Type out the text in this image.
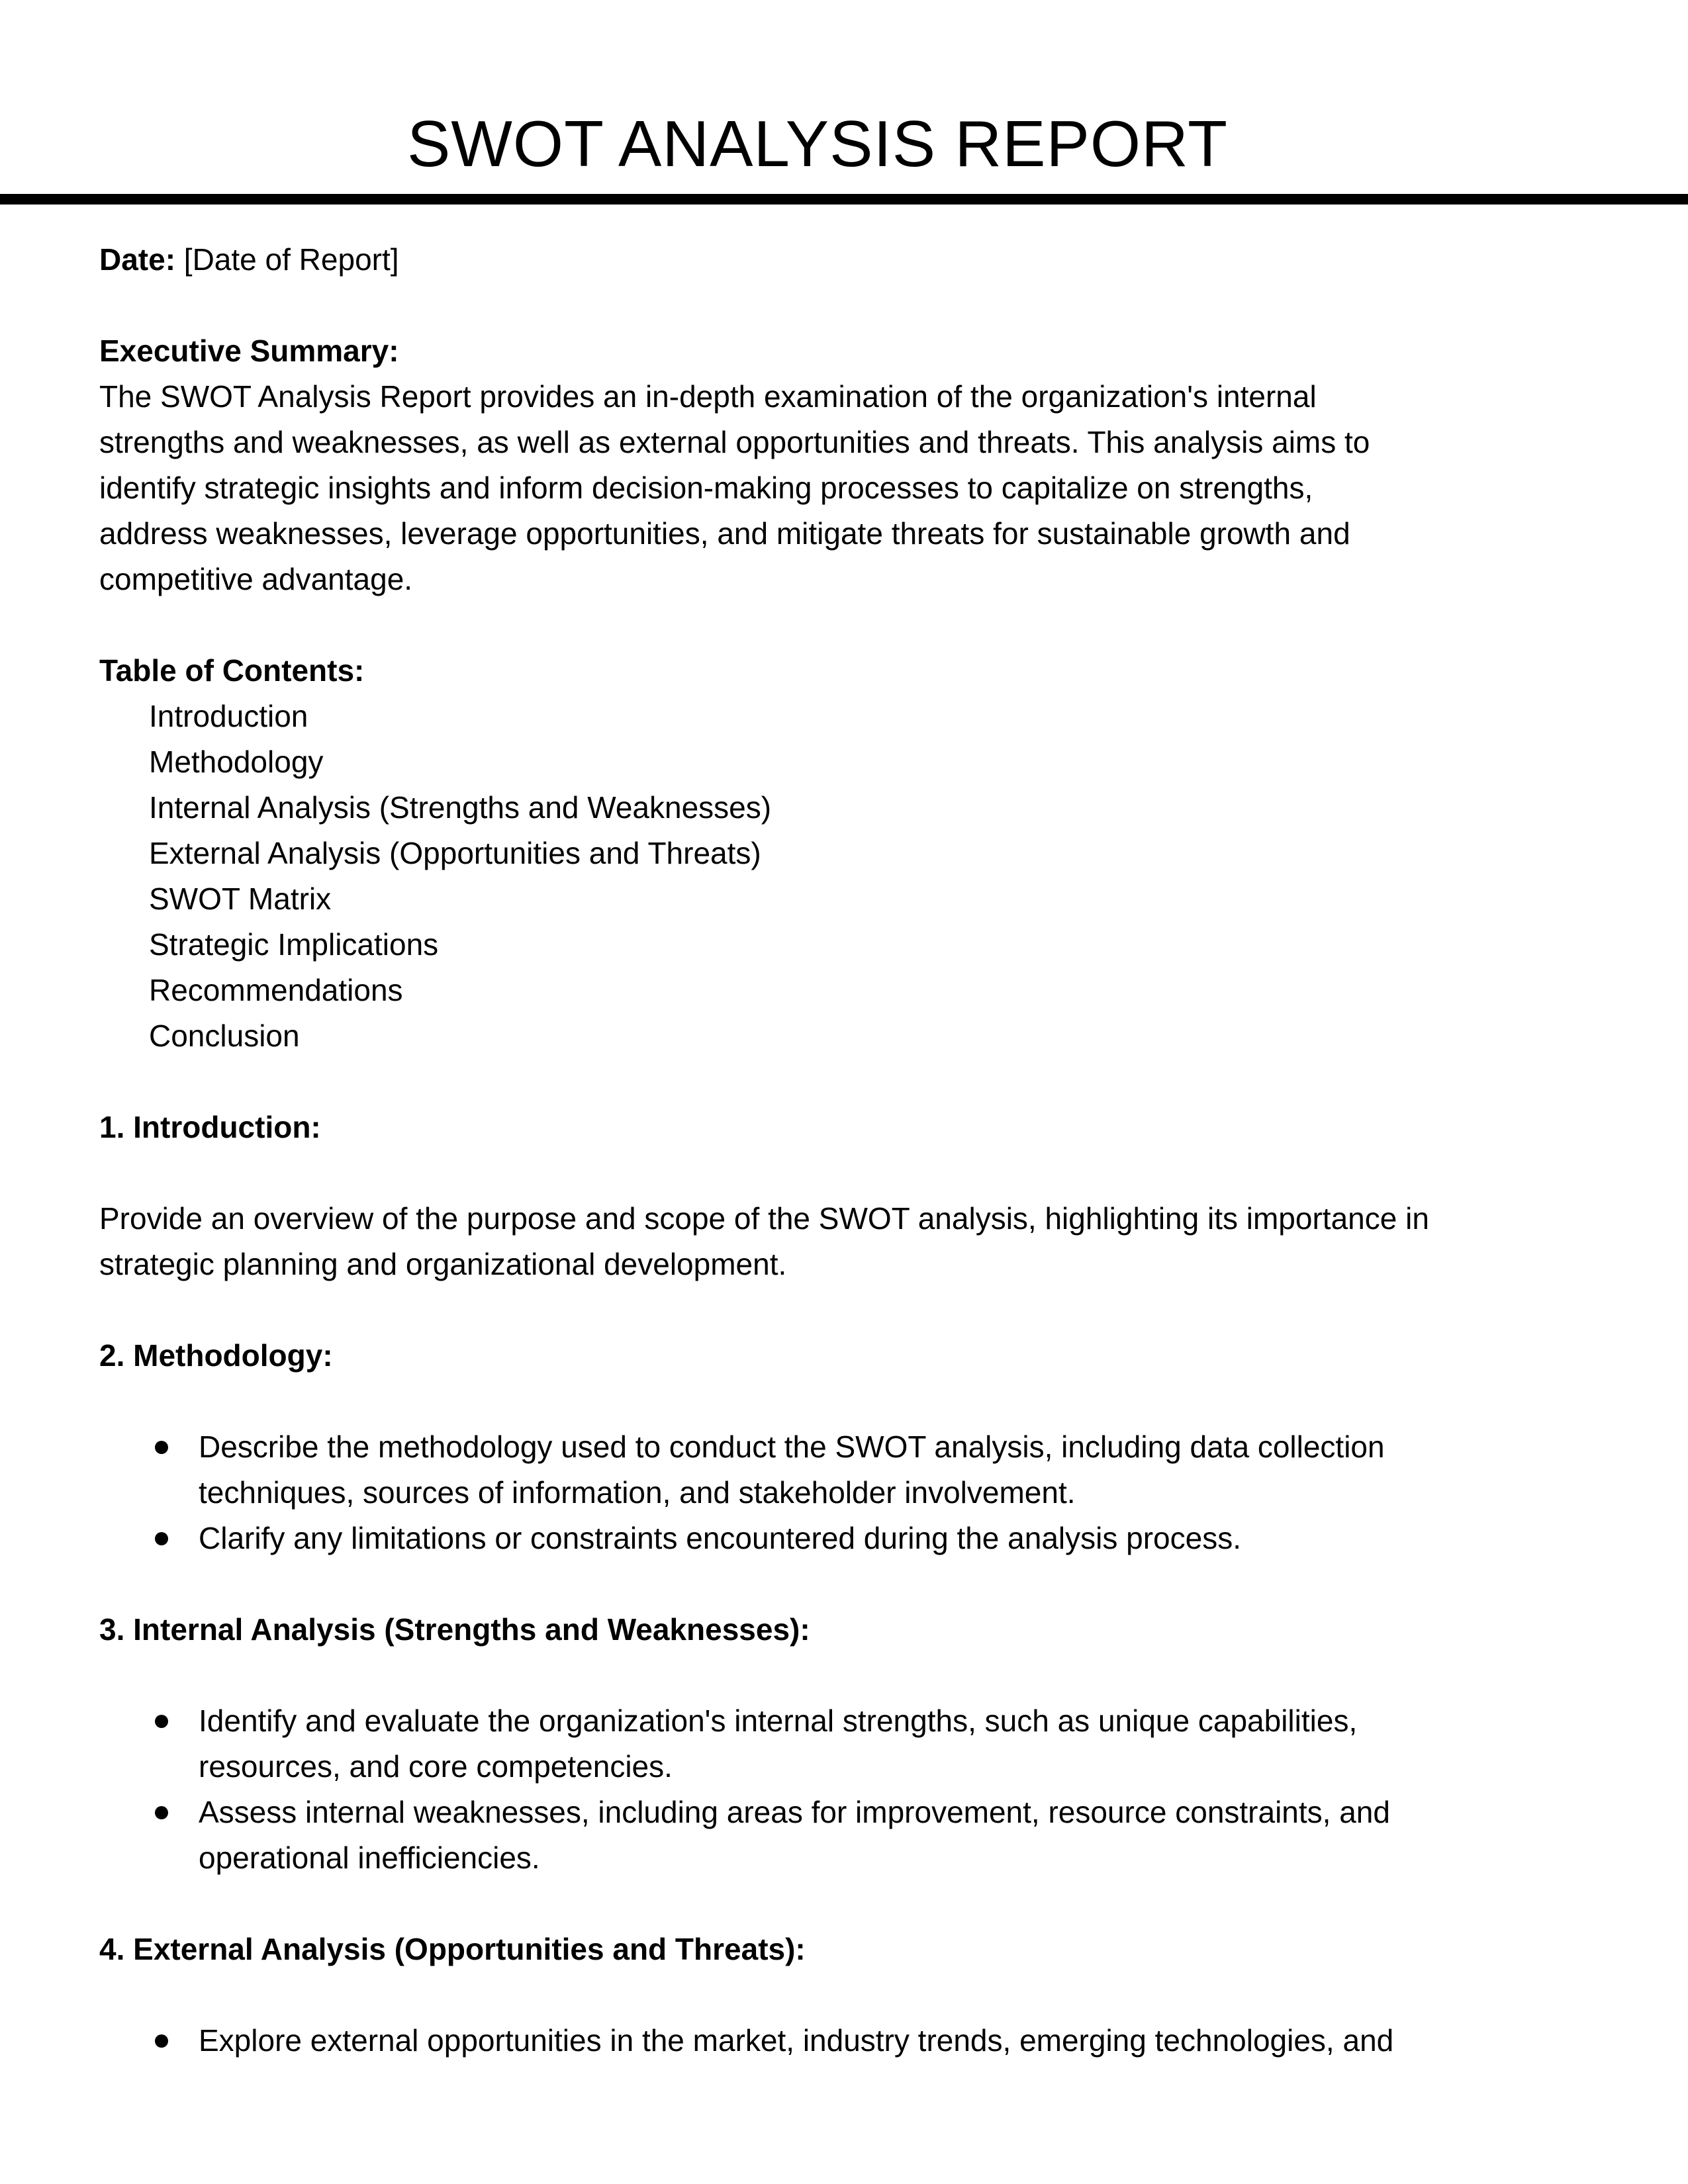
SWOT ANALYSIS REPORT

Date: [Date of Report]

Executive Summary:

The SWOT Analysis Report provides an in-depth examination of the organization's internal

strengths and weaknesses, as well as external opportunities and threats. This analysis aims to

identify strategic insights and inform decision-making processes to capitalize on strengths,

address weaknesses, leverage opportunities, and mitigate threats for sustainable growth and

competitive advantage.

Table of Contents:

Introduction

Methodology

Internal Analysis (Strengths and Weaknesses)

External Analysis (Opportunities and Threats)

SWOT Matrix

Strategic Implications

Recommendations

Conclusion

1. Introduction:

Provide an overview of the purpose and scope of the SWOT analysis, highlighting its importance in

strategic planning and organizational development.

2. Methodology:

Describe the methodology used to conduct the SWOT analysis, including data collection
techniques, sources of information, and stakeholder involvement.
Clarify any limitations or constraints encountered during the analysis process.

3. Internal Analysis (Strengths and Weaknesses):

Identify and evaluate the organization's internal strengths, such as unique capabilities,
resources, and core competencies.
Assess internal weaknesses, including areas for improvement, resource constraints, and
operational inefficiencies.

4. External Analysis (Opportunities and Threats):

Explore external opportunities in the market, industry trends, emerging technologies, and
